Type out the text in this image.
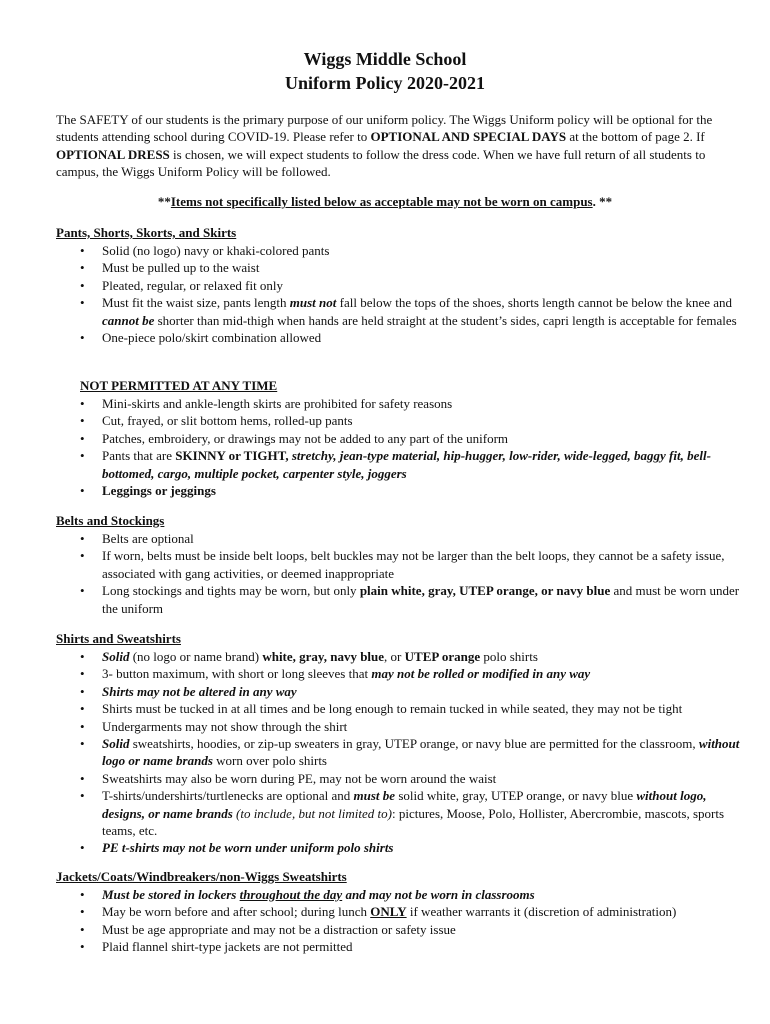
Wiggs Middle School
Uniform Policy 2020-2021
The SAFETY of our students is the primary purpose of our uniform policy. The Wiggs Uniform policy will be optional for the students attending school during COVID-19. Please refer to OPTIONAL AND SPECIAL DAYS at the bottom of page 2. If OPTIONAL DRESS is chosen, we will expect students to follow the dress code. When we have full return of all students to campus, the Wiggs Uniform Policy will be followed.
**Items not specifically listed below as acceptable may not be worn on campus. **
Pants, Shorts, Skorts, and Skirts
• Solid (no logo) navy or khaki-colored pants
• Must be pulled up to the waist
• Pleated, regular, or relaxed fit only
• Must fit the waist size, pants length must not fall below the tops of the shoes, shorts length cannot be below the knee and cannot be shorter than mid-thigh when hands are held straight at the student’s sides, capri length is acceptable for females
• One-piece polo/skirt combination allowed
NOT PERMITTED AT ANY TIME
• Mini-skirts and ankle-length skirts are prohibited for safety reasons
• Cut, frayed, or slit bottom hems, rolled-up pants
• Patches, embroidery, or drawings may not be added to any part of the uniform
• Pants that are SKINNY or TIGHT, stretchy, jean-type material, hip-hugger, low-rider, wide-legged, baggy fit, bell-bottomed, cargo, multiple pocket, carpenter style, joggers
• Leggings or jeggings
Belts and Stockings
• Belts are optional
• If worn, belts must be inside belt loops, belt buckles may not be larger than the belt loops, they cannot be a safety issue, associated with gang activities, or deemed inappropriate
• Long stockings and tights may be worn, but only plain white, gray, UTEP orange, or navy blue and must be worn under the uniform
Shirts and Sweatshirts
• Solid (no logo or name brand) white, gray, navy blue, or UTEP orange polo shirts
• 3- button maximum, with short or long sleeves that may not be rolled or modified in any way
• Shirts may not be altered in any way
• Shirts must be tucked in at all times and be long enough to remain tucked in while seated, they may not be tight
• Undergarments may not show through the shirt
• Solid sweatshirts, hoodies, or zip-up sweaters in gray, UTEP orange, or navy blue are permitted for the classroom, without logo or name brands worn over polo shirts
• Sweatshirts may also be worn during PE, may not be worn around the waist
• T-shirts/undershirts/turtlenecks are optional and must be solid white, gray, UTEP orange, or navy blue without logo, designs, or name brands (to include, but not limited to): pictures, Moose, Polo, Hollister, Abercrombie, mascots, sports teams, etc.
• PE t-shirts may not be worn under uniform polo shirts
Jackets/Coats/Windbreakers/non-Wiggs Sweatshirts
• Must be stored in lockers throughout the day and may not be worn in classrooms
• May be worn before and after school; during lunch ONLY if weather warrants it (discretion of administration)
• Must be age appropriate and may not be a distraction or safety issue
• Plaid flannel shirt-type jackets are not permitted
